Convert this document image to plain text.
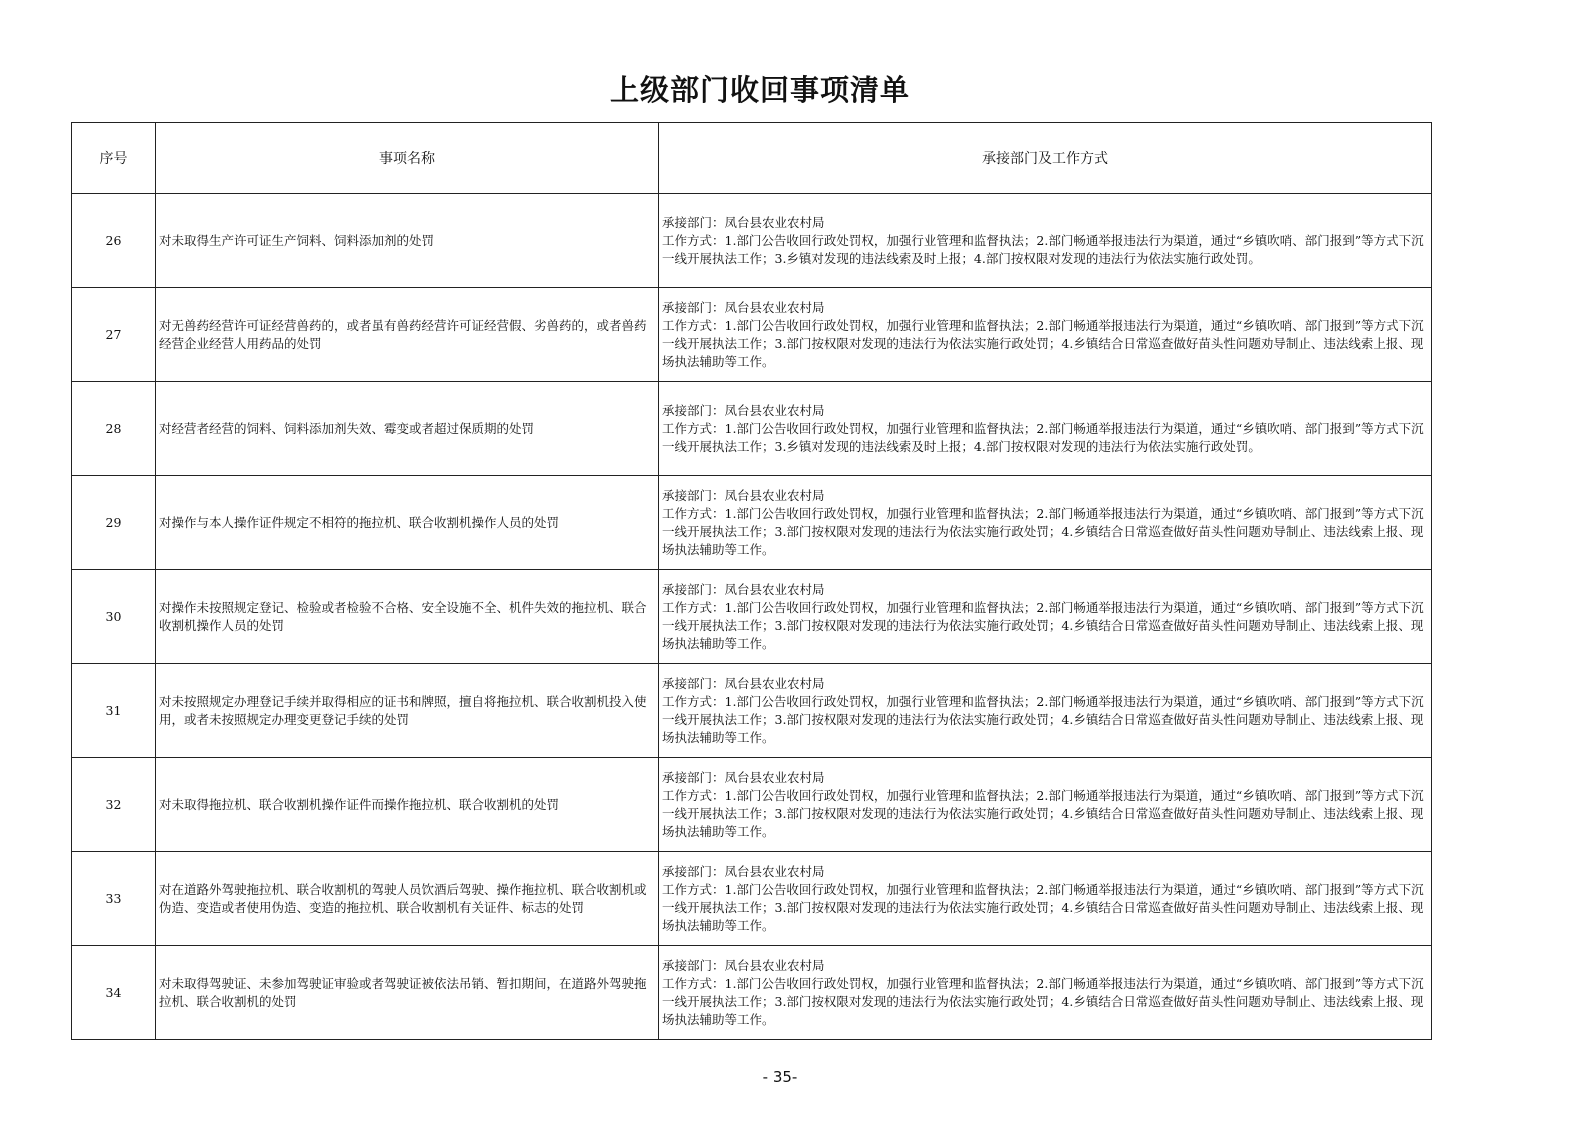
上级部门收回事项清单
序号	事项名称	承接部门及工作方式
26	对未取得生产许可证生产饲料、饲料添加剂的处罚	承接部门：凤台县农业农村局
工作方式：1.部门公告收回行政处罚权，加强行业管理和监督执法；2.部门畅通举报违法行为渠道，通过“乡镇吹哨、部门报到”等方式下沉一线开展执法工作；3.乡镇对发现的违法线索及时上报；4.部门按权限对发现的违法行为依法实施行政处罚。
27	对无兽药经营许可证经营兽药的，或者虽有兽药经营许可证经营假、劣兽药的，或者兽药经营企业经营人用药品的处罚	承接部门：凤台县农业农村局
工作方式：1.部门公告收回行政处罚权，加强行业管理和监督执法；2.部门畅通举报违法行为渠道，通过“乡镇吹哨、部门报到”等方式下沉一线开展执法工作；3.部门按权限对发现的违法行为依法实施行政处罚；4.乡镇结合日常巡查做好苗头性问题劝导制止、违法线索上报、现场执法辅助等工作。
28	对经营者经营的饲料、饲料添加剂失效、霉变或者超过保质期的处罚	承接部门：凤台县农业农村局
工作方式：1.部门公告收回行政处罚权，加强行业管理和监督执法；2.部门畅通举报违法行为渠道，通过“乡镇吹哨、部门报到”等方式下沉一线开展执法工作；3.乡镇对发现的违法线索及时上报；4.部门按权限对发现的违法行为依法实施行政处罚。
29	对操作与本人操作证件规定不相符的拖拉机、联合收割机操作人员的处罚	承接部门：凤台县农业农村局
工作方式：1.部门公告收回行政处罚权，加强行业管理和监督执法；2.部门畅通举报违法行为渠道，通过“乡镇吹哨、部门报到”等方式下沉一线开展执法工作；3.部门按权限对发现的违法行为依法实施行政处罚；4.乡镇结合日常巡查做好苗头性问题劝导制止、违法线索上报、现场执法辅助等工作。
30	对操作未按照规定登记、检验或者检验不合格、安全设施不全、机件失效的拖拉机、联合收割机操作人员的处罚	承接部门：凤台县农业农村局
工作方式：1.部门公告收回行政处罚权，加强行业管理和监督执法；2.部门畅通举报违法行为渠道，通过“乡镇吹哨、部门报到”等方式下沉一线开展执法工作；3.部门按权限对发现的违法行为依法实施行政处罚；4.乡镇结合日常巡查做好苗头性问题劝导制止、违法线索上报、现场执法辅助等工作。
31	对未按照规定办理登记手续并取得相应的证书和牌照，擅自将拖拉机、联合收割机投入使用，或者未按照规定办理变更登记手续的处罚	承接部门：凤台县农业农村局
工作方式：1.部门公告收回行政处罚权，加强行业管理和监督执法；2.部门畅通举报违法行为渠道，通过“乡镇吹哨、部门报到”等方式下沉一线开展执法工作；3.部门按权限对发现的违法行为依法实施行政处罚；4.乡镇结合日常巡查做好苗头性问题劝导制止、违法线索上报、现场执法辅助等工作。
32	对未取得拖拉机、联合收割机操作证件而操作拖拉机、联合收割机的处罚	承接部门：凤台县农业农村局
工作方式：1.部门公告收回行政处罚权，加强行业管理和监督执法；2.部门畅通举报违法行为渠道，通过“乡镇吹哨、部门报到”等方式下沉一线开展执法工作；3.部门按权限对发现的违法行为依法实施行政处罚；4.乡镇结合日常巡查做好苗头性问题劝导制止、违法线索上报、现场执法辅助等工作。
33	对在道路外驾驶拖拉机、联合收割机的驾驶人员饮酒后驾驶、操作拖拉机、联合收割机或伪造、变造或者使用伪造、变造的拖拉机、联合收割机有关证件、标志的处罚	承接部门：凤台县农业农村局
工作方式：1.部门公告收回行政处罚权，加强行业管理和监督执法；2.部门畅通举报违法行为渠道，通过“乡镇吹哨、部门报到”等方式下沉一线开展执法工作；3.部门按权限对发现的违法行为依法实施行政处罚；4.乡镇结合日常巡查做好苗头性问题劝导制止、违法线索上报、现场执法辅助等工作。
34	对未取得驾驶证、未参加驾驶证审验或者驾驶证被依法吊销、暂扣期间，在道路外驾驶拖拉机、联合收割机的处罚	承接部门：凤台县农业农村局
工作方式：1.部门公告收回行政处罚权，加强行业管理和监督执法；2.部门畅通举报违法行为渠道，通过“乡镇吹哨、部门报到”等方式下沉一线开展执法工作；3.部门按权限对发现的违法行为依法实施行政处罚；4.乡镇结合日常巡查做好苗头性问题劝导制止、违法线索上报、现场执法辅助等工作。
- 35-
